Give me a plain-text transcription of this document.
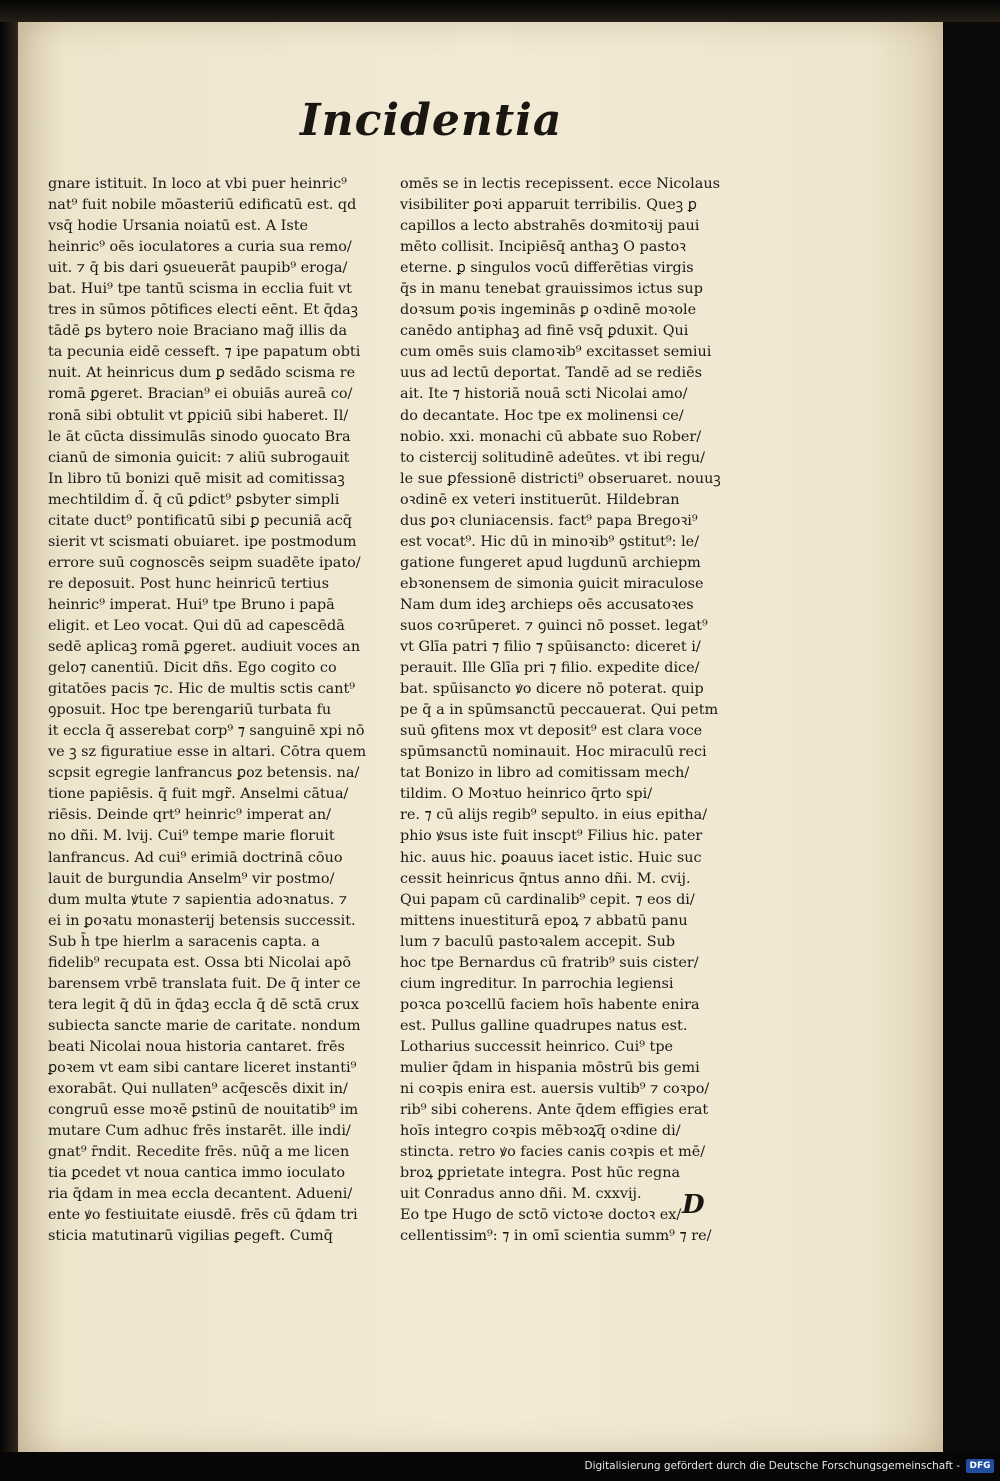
Incidentia
gnare istituit. In loco at vbi puer heinric⁹
nat⁹ fuit nobile mōasteriū edificatū est. qd
vsq̄ hodie Ursania noiatū est. A Iste
heinric⁹ oēs ioculatores a curia sua remo/
uit. ⁊ q̄ bis dari ꝯsueuerāt paupib⁹ eroga/
bat. Hui⁹ tpe tantū scisma in ecclia fuit vt
tres in sūmos pōtifices electi eēnt. Et q̄daꝫ
tādē ꝑs bytero noie Braciano mag̃ illis da
ta pecunia eidē cesseft. ⁊ ipe papatum obti
nuit. At heinricus dum ꝑ sedādo scisma re
romā ꝑgeret. Bracian⁹ ei obuiās aureā co/
ronā sibi obtulit vt ꝑpiciū sibi haberet. Il/
le āt cūcta dissimulās sinodo ꝯuocato Bra
cianū de simonia ꝯuicit: ⁊ aliū subrogauit
In libro tū bonizi quē misit ad comitissaꝫ
mechtildim d̃. q̄ cū ꝑdict⁹ ꝑsbyter simpli
citate duct⁹ pontificatū sibi ꝑ pecuniā acq̄
sierit vt scismati obuiaret. ipe postmodum
errore suū cognoscēs seipm suadēte ipato/
re deposuit. Post hunc heinricū tertius
heinric⁹ imperat. Hui⁹ tpe Bruno i papā
eligit. et Leo vocat. Qui dū ad capescēdā
sedē aplicaꝫ romā ꝑgeret. audiuit voces an
gelo⁊ canentiū. Dicit dñs. Ego cogito co
gitatōes pacis ⁊c. Hic de multis sctis cant⁹
ꝯposuit. Hoc tpe berengariū turbata fu
it eccla q̄ asserebat corp⁹ ⁊ sanguinē xpi nō
ve ꝫ sz figuratiue esse in altari. Cōtra quem
scpsit egregie lanfrancus ꝑoz betensis. na/
tione papiēsis. q̄ fuit mgr̃. Anselmi cātua/
riēsis. Deinde qrt⁹ heinric⁹ imperat an/
no dñi. M. lvij. Cui⁹ tempe marie floruit
lanfrancus. Ad cui⁹ erimiā doctrinā cōuo
lauit de burgundia Anselm⁹ vir postmo/
dum multa ꝟtute ⁊ sapientia adoꝛnatus. ⁊
ei in ꝑoꝛatu monasterij betensis successit.
Sub h̄ tpe hierlm a saracenis capta. a
fidelib⁹ recupata est. Ossa bti Nicolai apō
barensem vrbē translata fuit. De q̄ inter ce
tera legit q̄ dū in q̄daꝫ eccla q̄ dē sctā crux
subiecta sancte marie de caritate. nondum
beati Nicolai noua historia cantaret. frēs
ꝑoꝛem vt eam sibi cantare liceret instanti⁹
exorabāt. Qui nullaten⁹ acq̄escēs dixit in/
congruū esse moꝛē ꝑstinū de nouitatib⁹ im
mutare Cum adhuc frēs instarēt. ille indi/
gnat⁹ r̄ndit. Recedite frēs. nūq̄ a me licen
tia ꝑcedet vt noua cantica immo ioculato
ria q̄dam in mea eccla decantent. Adueni/
ente ꝟo festiuitate eiusdē. frēs cū q̄dam tri
sticia matutinarū vigilias ꝑegeft. Cumq̄
omēs se in lectis recepissent. ecce Nicolaus
visibiliter ꝑoꝛi apparuit terribilis. Queꝫ ꝑ
capillos a lecto abstrahēs doꝛmitoꝛij paui
mēto collisit. Incipiēsq̄ anthaꝫ O pastoꝛ
eterne. ꝑ singulos vocū differētias virgis
q̄s in manu tenebat grauissimos ictus sup
doꝛsum ꝑoꝛis ingeminās ꝑ oꝛdinē moꝛole
canēdo antiphaꝫ ad finē vsq̄ ꝑduxit. Qui
cum omēs suis clamoꝛib⁹ excitasset semiui
uus ad lectū deportat. Tandē ad se rediēs
ait. Ite ⁊ historiā nouā scti Nicolai amo/
do decantate. Hoc tpe ex molinensi ce/
nobio. xxi. monachi cū abbate suo Rober/
to cistercij solitudinē adeūtes. vt ibi regu/
le sue ꝑfessionē districti⁹ obseruaret. nouuꝫ
oꝛdinē ex veteri instituerūt. Hildebran
dus ꝑoꝛ cluniacensis. fact⁹ papa Bregoꝛi⁹
est vocat⁹. Hic dū in minoꝛib⁹ ꝯstitut⁹: le/
gatione fungeret apud lugdunū archiepm
ebꝛonensem de simonia ꝯuicit miraculose
Nam dum ideꝫ archieps oēs accusatoꝛes
suos coꝛrūperet. ⁊ ꝯuinci nō posset. legat⁹
vt Glīa patri ⁊ filio ⁊ spūisancto: diceret i/
perauit. Ille Glīa pri ⁊ filio. expedite dice/
bat. spūisancto ꝟo dicere nō poterat. quip
pe q̄ a in spūmsanctū peccauerat. Qui petm
suū ꝯfitens mox vt deposit⁹ est clara voce
spūmsanctū nominauit. Hoc miraculū reci
tat Bonizo in libro ad comitissam mech/
tildim. O Moꝛtuo heinrico q̄rto spi/
re. ⁊ cū alijs regib⁹ sepulto. in eius epitha/
phio ꝟsus iste fuit inscpt⁹ Filius hic. pater
hic. auus hic. ꝑoauus iacet istic. Huic suc
cessit heinricus q̄ntus anno dñi. M. cvij.
Qui papam cū cardinalib⁹ cepit. ⁊ eos di/
mittens inuestiturā epoꝝ ⁊ abbatū panu
lum ⁊ baculū pastoꝛalem accepit. Sub
hoc tpe Bernardus cū fratrib⁹ suis cister/
cium ingreditur. In parrochia legiensi
poꝛca poꝛcellū faciem hoīs habente enira
est. Pullus galline quadrupes natus est.
Lotharius successit heinrico. Cui⁹ tpe
mulier q̄dam in hispania mōstrū bis gemi
ni coꝛpis enira est. auersis vultib⁹ ⁊ coꝛpo/
rib⁹ sibi coherens. Ante q̄dem effigies erat
hoīs integro coꝛpis mēbꝛoꝝ̄q̄ oꝛdine di/
stincta. retro ꝟo facies canis coꝛpis et mē/
broꝝ ꝑprietate integra. Post hūc regna
uit Conradus anno dñi. M. cxxvij.
Eo tpe Hugo de sctō victoꝛe doctoꝛ ex/
cellentissim⁹: ⁊ in omī scientia summ⁹ ⁊ re/
D
Digitalisierung gefördert durch die Deutsche Forschungsgemeinschaft -	DFG
